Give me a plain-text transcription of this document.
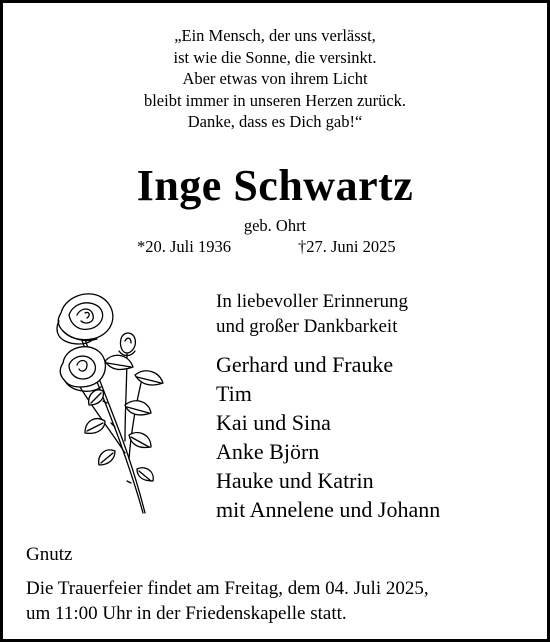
„Ein Mensch, der uns verlässt,
ist wie die Sonne, die versinkt.
Aber etwas von ihrem Licht
bleibt immer in unseren Herzen zurück.
Danke, dass es Dich gab!“
Inge Schwartz
geb. Ohrt
*20. Juli 1936	†27. Juni 2025
In liebevoller Erinnerung
und großer Dankbarkeit
Gerhard und Frauke
Tim
Kai und Sina
Anke Björn
Hauke und Katrin
mit Annelene und Johann
Gnutz
Die Trauerfeier findet am Freitag, dem 04. Juli 2025,
um 11:00 Uhr in der Friedenskapelle statt.
